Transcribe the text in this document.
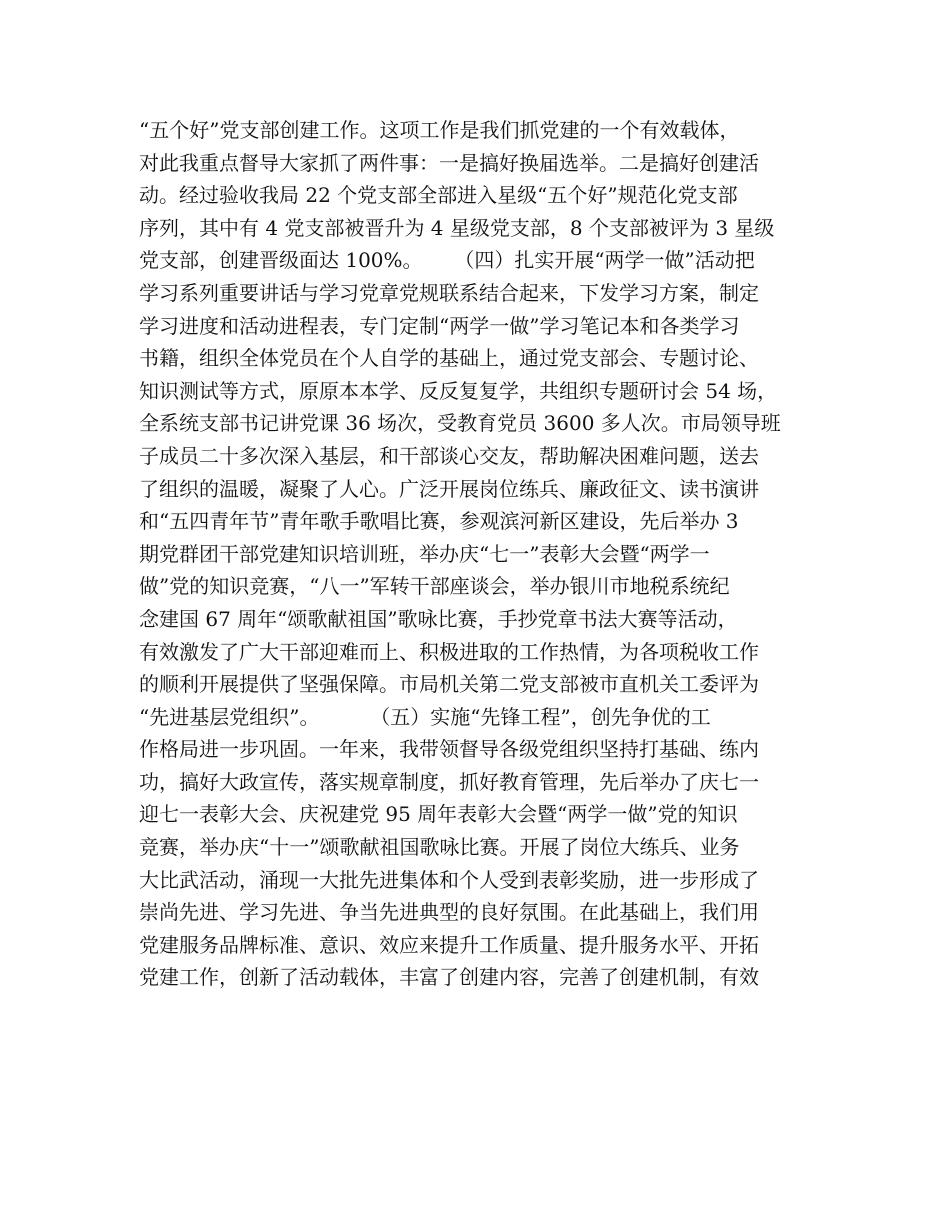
“五个好”党支部创建工作。这项工作是我们抓党建的一个有效载体，
对此我重点督导大家抓了两件事：一是搞好换届选举。二是搞好创建活
动。经过验收我局 22 个党支部全部进入星级“五个好”规范化党支部
序列，其中有 4 党支部被晋升为 4 星级党支部，8 个支部被评为 3 星级
党支部，创建晋级面达 100%。     （四）扎实开展“两学一做”活动把
学习系列重要讲话与学习党章党规联系结合起来，下发学习方案，制定
学习进度和活动进程表，专门定制“两学一做”学习笔记本和各类学习
书籍，组织全体党员在个人自学的基础上，通过党支部会、专题讨论、
知识测试等方式，原原本本学、反反复复学，共组织专题研讨会 54 场，
全系统支部书记讲党课 36 场次，受教育党员 3600 多人次。市局领导班
子成员二十多次深入基层，和干部谈心交友，帮助解决困难问题，送去
了组织的温暖，凝聚了人心。广泛开展岗位练兵、廉政征文、读书演讲
和“五四青年节”青年歌手歌唱比赛，参观滨河新区建设，先后举办 3
期党群团干部党建知识培训班，举办庆“七一”表彰大会暨“两学一
做”党的知识竞赛，“八一”军转干部座谈会，举办银川市地税系统纪
念建国 67 周年“颂歌献祖国”歌咏比赛，手抄党章书法大赛等活动，
有效激发了广大干部迎难而上、积极进取的工作热情，为各项税收工作
的顺利开展提供了坚强保障。市局机关第二党支部被市直机关工委评为
“先进基层党组织”。        （五）实施“先锋工程”，创先争优的工
作格局进一步巩固。一年来，我带领督导各级党组织坚持打基础、练内
功，搞好大政宣传，落实规章制度，抓好教育管理，先后举办了庆七一
迎七一表彰大会、庆祝建党 95 周年表彰大会暨“两学一做”党的知识
竞赛，举办庆“十一”颂歌献祖国歌咏比赛。开展了岗位大练兵、业务
大比武活动，涌现一大批先进集体和个人受到表彰奖励，进一步形成了
崇尚先进、学习先进、争当先进典型的良好氛围。在此基础上，我们用
党建服务品牌标准、意识、效应来提升工作质量、提升服务水平、开拓
党建工作，创新了活动载体，丰富了创建内容，完善了创建机制，有效
